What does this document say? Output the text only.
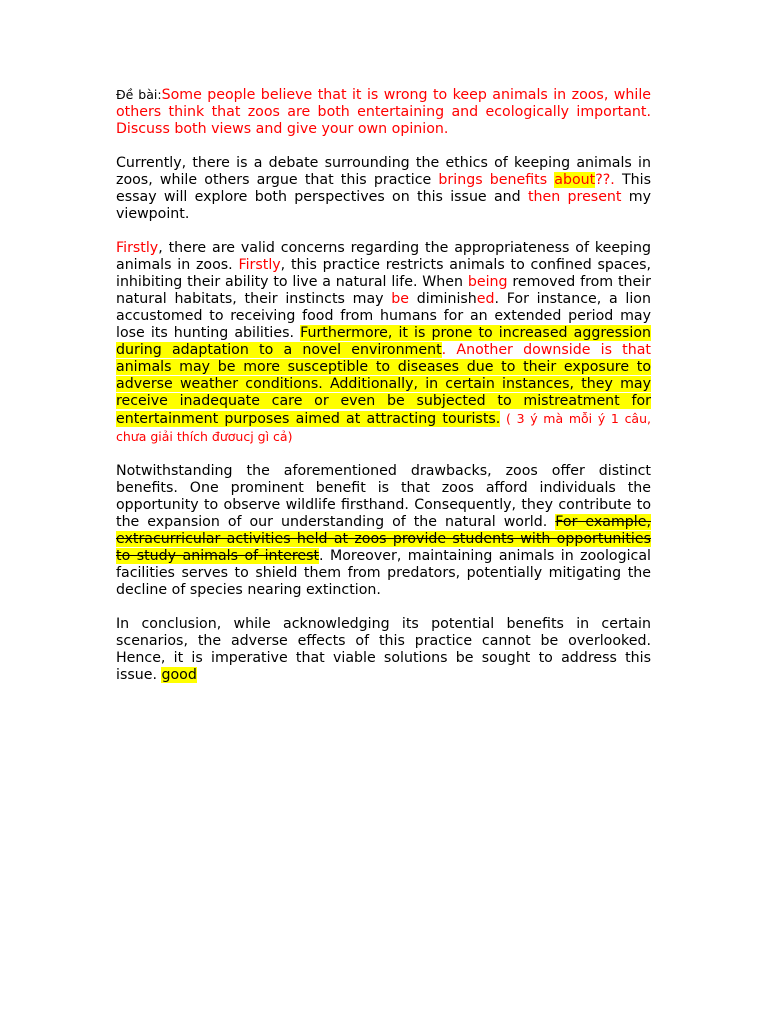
Đề bài:Some people believe that it is wrong to keep animals in zoos, while others think that zoos are both entertaining and ecologically important. Discuss both views and give your own opinion.

Currently, there is a debate surrounding the ethics of keeping animals in zoos, while others argue that this practice brings benefits about??. This essay will explore both perspectives on this issue and then present my viewpoint.

Firstly, there are valid concerns regarding the appropriateness of keeping animals in zoos. Firstly, this practice restricts animals to confined spaces, inhibiting their ability to live a natural life. When being removed from their natural habitats, their instincts may be diminished. For instance, a lion accustomed to receiving food from humans for an extended period may lose its hunting abilities. Furthermore, it is prone to increased aggression during adaptation to a novel environment. Another downside is that animals may be more susceptible to diseases due to their exposure to adverse weather conditions. Additionally, in certain instances, they may receive inadequate care or even be subjected to mistreatment for entertainment purposes aimed at attracting tourists. ( 3 ý mà mỗi ý 1 câu, chưa giải thích đươucj gì cả)

Notwithstanding the aforementioned drawbacks, zoos offer distinct benefits. One prominent benefit is that zoos afford individuals the opportunity to observe wildlife firsthand. Consequently, they contribute to the expansion of our understanding of the natural world. For example, extracurricular activities held at zoos provide students with opportunities to study animals of interest. Moreover, maintaining animals in zoological facilities serves to shield them from predators, potentially mitigating the decline of species nearing extinction.

In conclusion, while acknowledging its potential benefits in certain scenarios, the adverse effects of this practice cannot be overlooked. Hence, it is imperative that viable solutions be sought to address this issue. good
